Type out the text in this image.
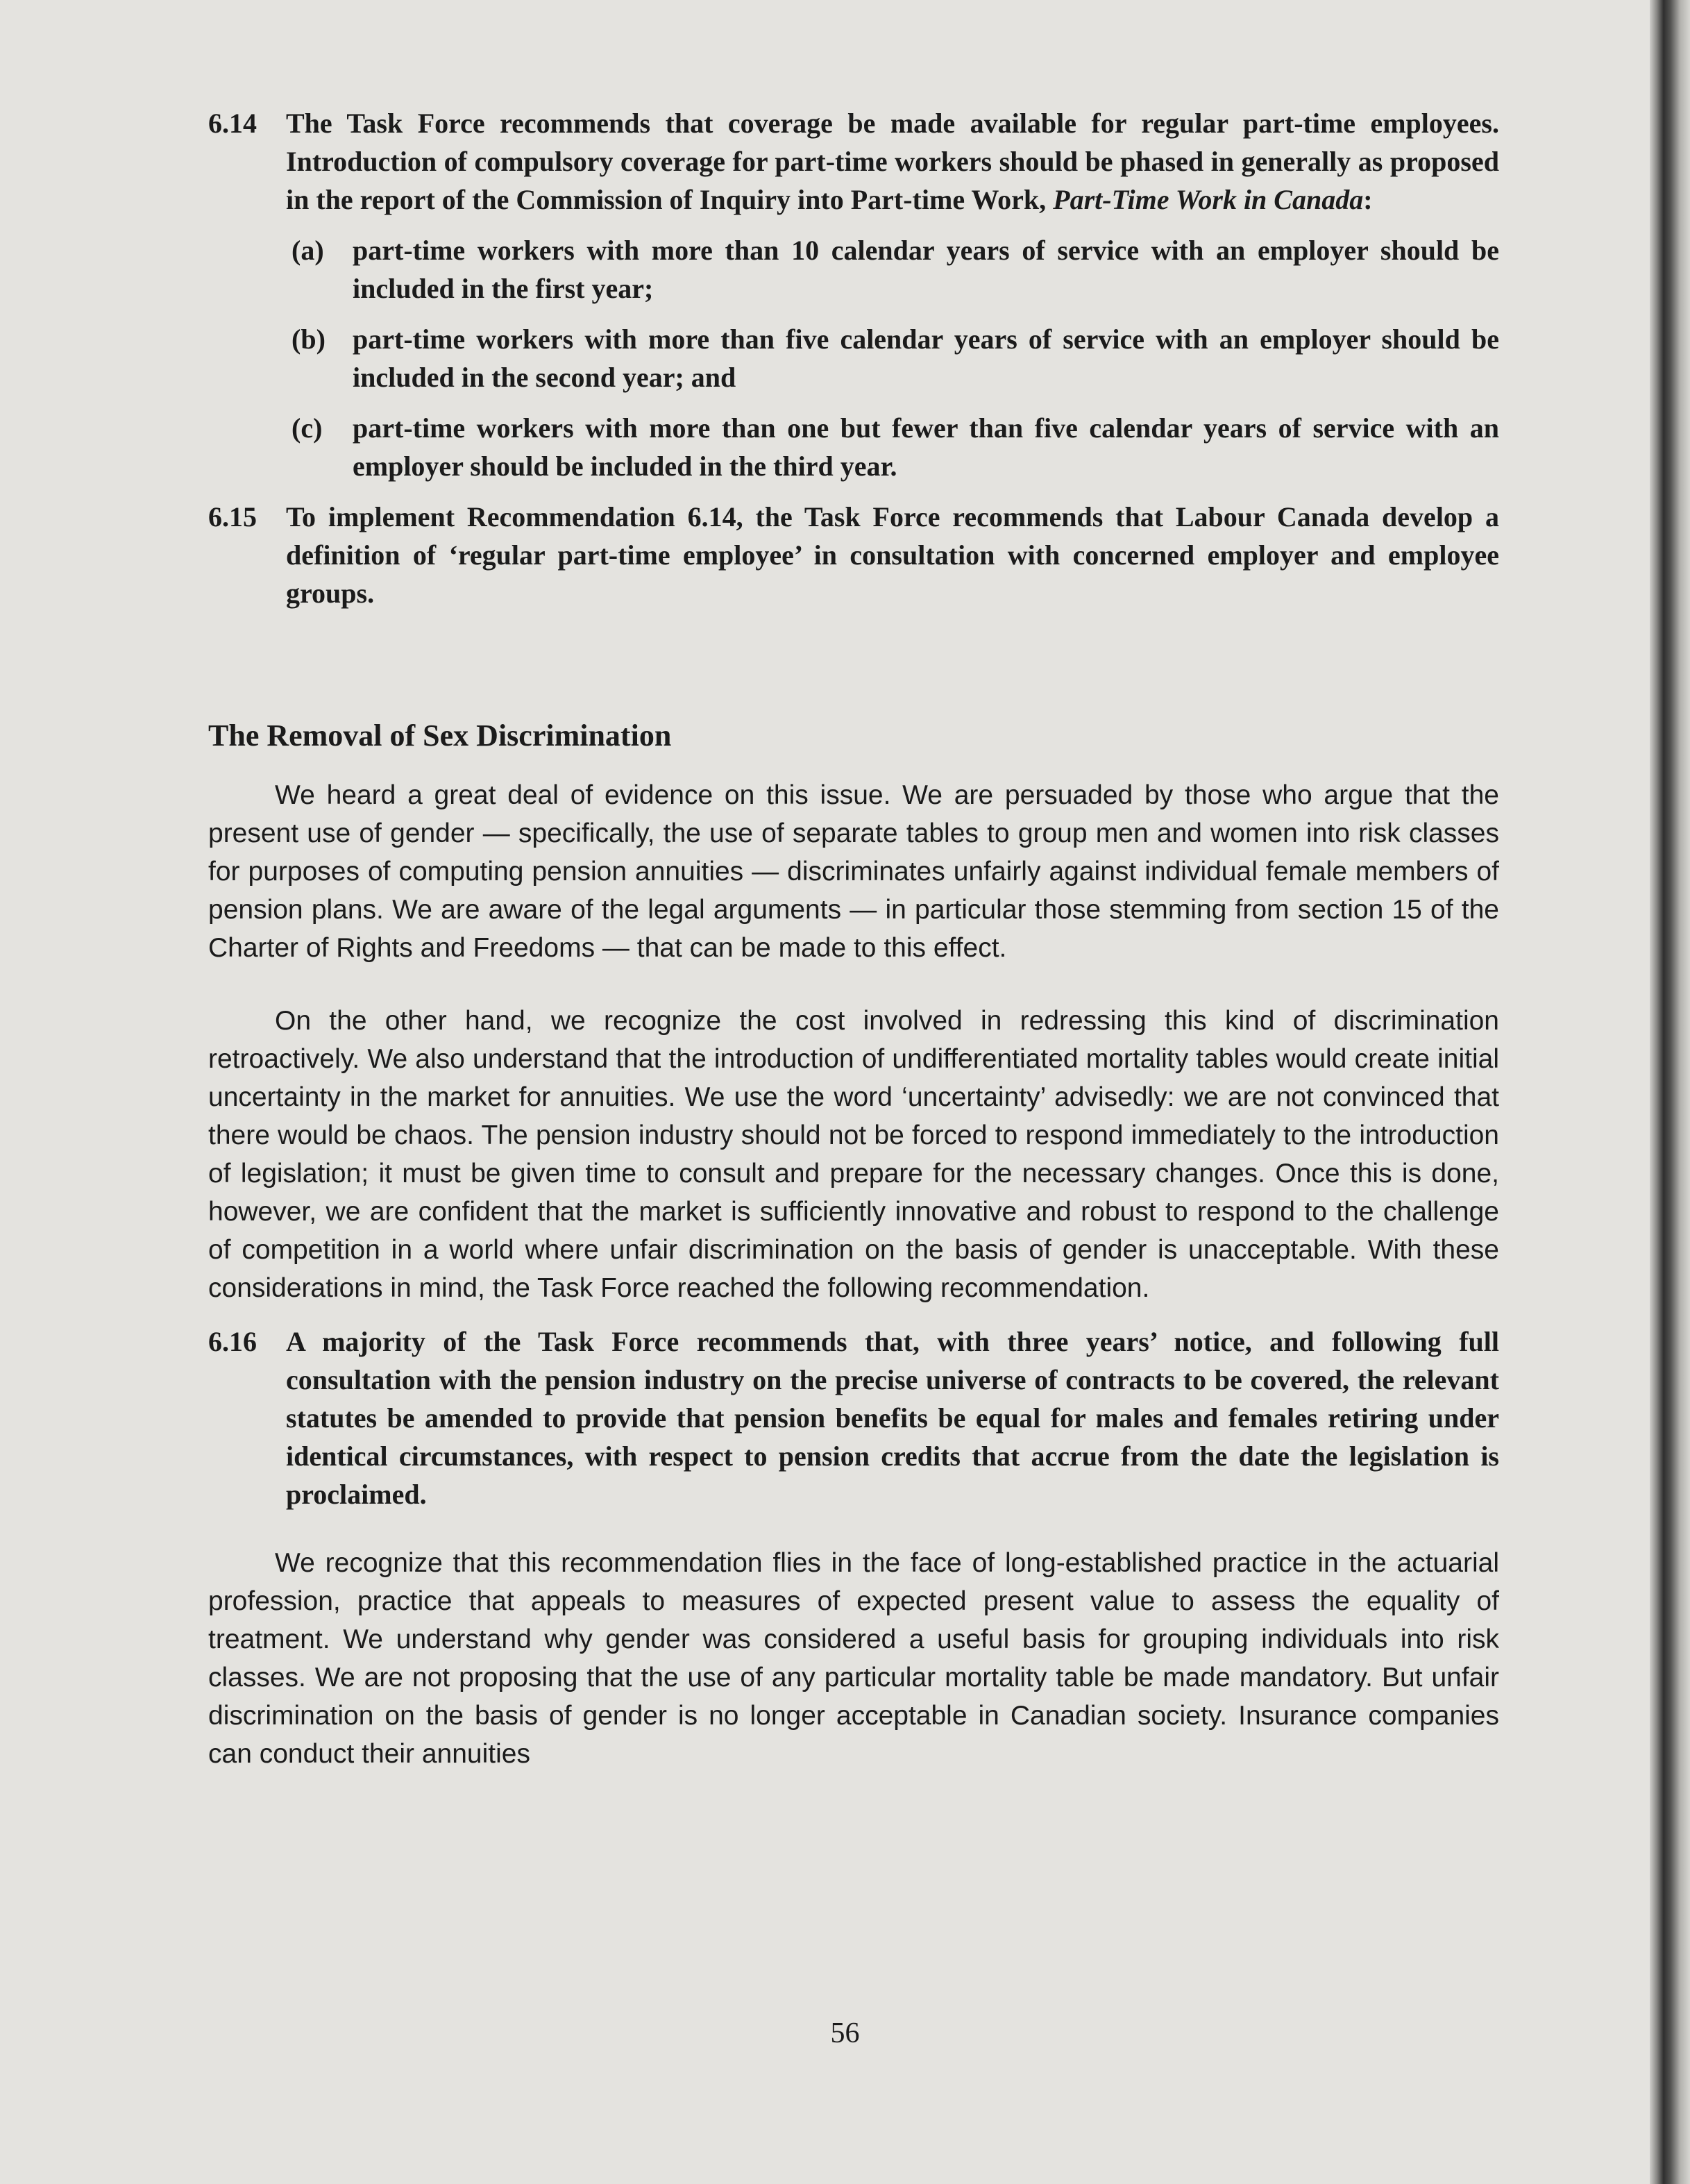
6.14 The Task Force recommends that coverage be made available for regular part-time employees. Introduction of compulsory coverage for part-time workers should be phased in generally as proposed in the report of the Commission of Inquiry into Part-time Work, Part-Time Work in Canada:

(a) part-time workers with more than 10 calendar years of service with an employer should be included in the first year;
(b) part-time workers with more than five calendar years of service with an employer should be included in the second year; and
(c) part-time workers with more than one but fewer than five calendar years of service with an employer should be included in the third year.
6.15 To implement Recommendation 6.14, the Task Force recommends that Labour Canada develop a definition of ‘regular part-time employee’ in consultation with concerned employer and employee groups.

The Removal of Sex Discrimination

We heard a great deal of evidence on this issue. We are persuaded by those who argue that the present use of gender — specifically, the use of separate tables to group men and women into risk classes for purposes of computing pension annuities — discriminates unfairly against individual female members of pension plans. We are aware of the legal arguments — in particular those stemming from section 15 of the Charter of Rights and Freedoms — that can be made to this effect.

On the other hand, we recognize the cost involved in redressing this kind of discrimination retroactively. We also understand that the introduction of undifferentiated mortality tables would create initial uncertainty in the market for annuities. We use the word ‘uncertainty’ advisedly: we are not convinced that there would be chaos. The pension industry should not be forced to respond immediately to the introduction of legislation; it must be given time to consult and prepare for the necessary changes. Once this is done, however, we are confident that the market is sufficiently innovative and robust to respond to the challenge of competition in a world where unfair discrimination on the basis of gender is unacceptable. With these considerations in mind, the Task Force reached the following recommendation.

6.16 A majority of the Task Force recommends that, with three years’ notice, and following full consultation with the pension industry on the precise universe of contracts to be covered, the relevant statutes be amended to provide that pension benefits be equal for males and females retiring under identical circumstances, with respect to pension credits that accrue from the date the legislation is proclaimed.

We recognize that this recommendation flies in the face of long-established practice in the actuarial profession, practice that appeals to measures of expected present value to assess the equality of treatment. We understand why gender was considered a useful basis for grouping individuals into risk classes. We are not proposing that the use of any particular mortality table be made mandatory. But unfair discrimination on the basis of gender is no longer acceptable in Canadian society. Insurance companies can conduct their annuities

56
